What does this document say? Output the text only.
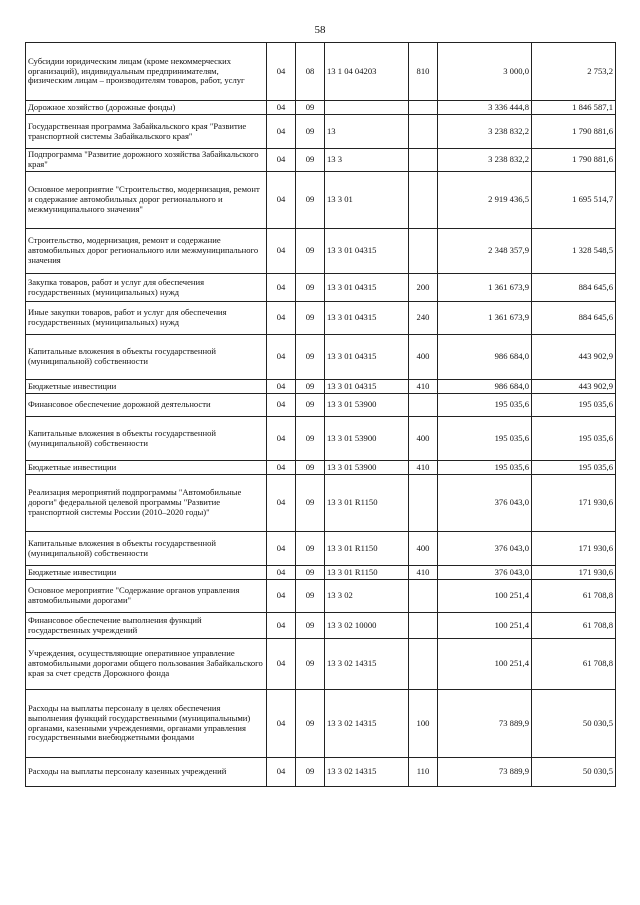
58
Субсидии юридическим лицам (кроме некоммерческих организаций), индивидуальным предпринимателям, физическим лицам – производителям товаров, работ, услуг	04	08	13 1 04 04203	810	3 000,0	2 753,2
Дорожное хозяйство (дорожные фонды)	04	09			3 336 444,8	1 846 587,1
Государственная программа Забайкальского края "Развитие транспортной системы Забайкальского края"	04	09	13		3 238 832,2	1 790 881,6
Подпрограмма "Развитие дорожного хозяйства Забайкальского края"	04	09	13 3		3 238 832,2	1 790 881,6
Основное мероприятие "Строительство, модернизация, ремонт и содержание автомобильных дорог регионального и межмуниципального значения"	04	09	13 3 01		2 919 436,5	1 695 514,7
Строительство, модернизация, ремонт и содержание автомобильных дорог регионального или межмуниципального значения	04	09	13 3 01 04315		2 348 357,9	1 328 548,5
Закупка товаров, работ и услуг для обеспечения государственных (муниципальных) нужд	04	09	13 3 01 04315	200	1 361 673,9	884 645,6
Иные закупки товаров, работ и услуг для обеспечения государственных (муниципальных) нужд	04	09	13 3 01 04315	240	1 361 673,9	884 645,6
Капитальные вложения в объекты государственной (муниципальной) собственности	04	09	13 3 01 04315	400	986 684,0	443 902,9
Бюджетные инвестиции	04	09	13 3 01 04315	410	986 684,0	443 902,9
Финансовое обеспечение дорожной деятельности	04	09	13 3 01 53900		195 035,6	195 035,6
Капитальные вложения в объекты государственной (муниципальной) собственности	04	09	13 3 01 53900	400	195 035,6	195 035,6
Бюджетные инвестиции	04	09	13 3 01 53900	410	195 035,6	195 035,6
Реализация мероприятий подпрограммы "Автомобильные дороги" федеральной целевой программы "Развитие транспортной системы России (2010–2020 годы)"	04	09	13 3 01 R1150		376 043,0	171 930,6
Капитальные вложения в объекты государственной (муниципальной) собственности	04	09	13 3 01 R1150	400	376 043,0	171 930,6
Бюджетные инвестиции	04	09	13 3 01 R1150	410	376 043,0	171 930,6
Основное мероприятие "Содержание органов управления автомобильными дорогами"	04	09	13 3 02		100 251,4	61 708,8
Финансовое обеспечение выполнения функций государственных учреждений	04	09	13 3 02 10000		100 251,4	61 708,8
Учреждения, осуществляющие оперативное управление автомобильными дорогами общего пользования Забайкальского края за счет средств Дорожного фонда	04	09	13 3 02 14315		100 251,4	61 708,8
Расходы на выплаты персоналу в целях обеспечения выполнения функций государственными (муниципальными) органами, казенными учреждениями, органами управления государственными внебюджетными фондами	04	09	13 3 02 14315	100	73 889,9	50 030,5
Расходы на выплаты персоналу казенных учреждений	04	09	13 3 02 14315	110	73 889,9	50 030,5
